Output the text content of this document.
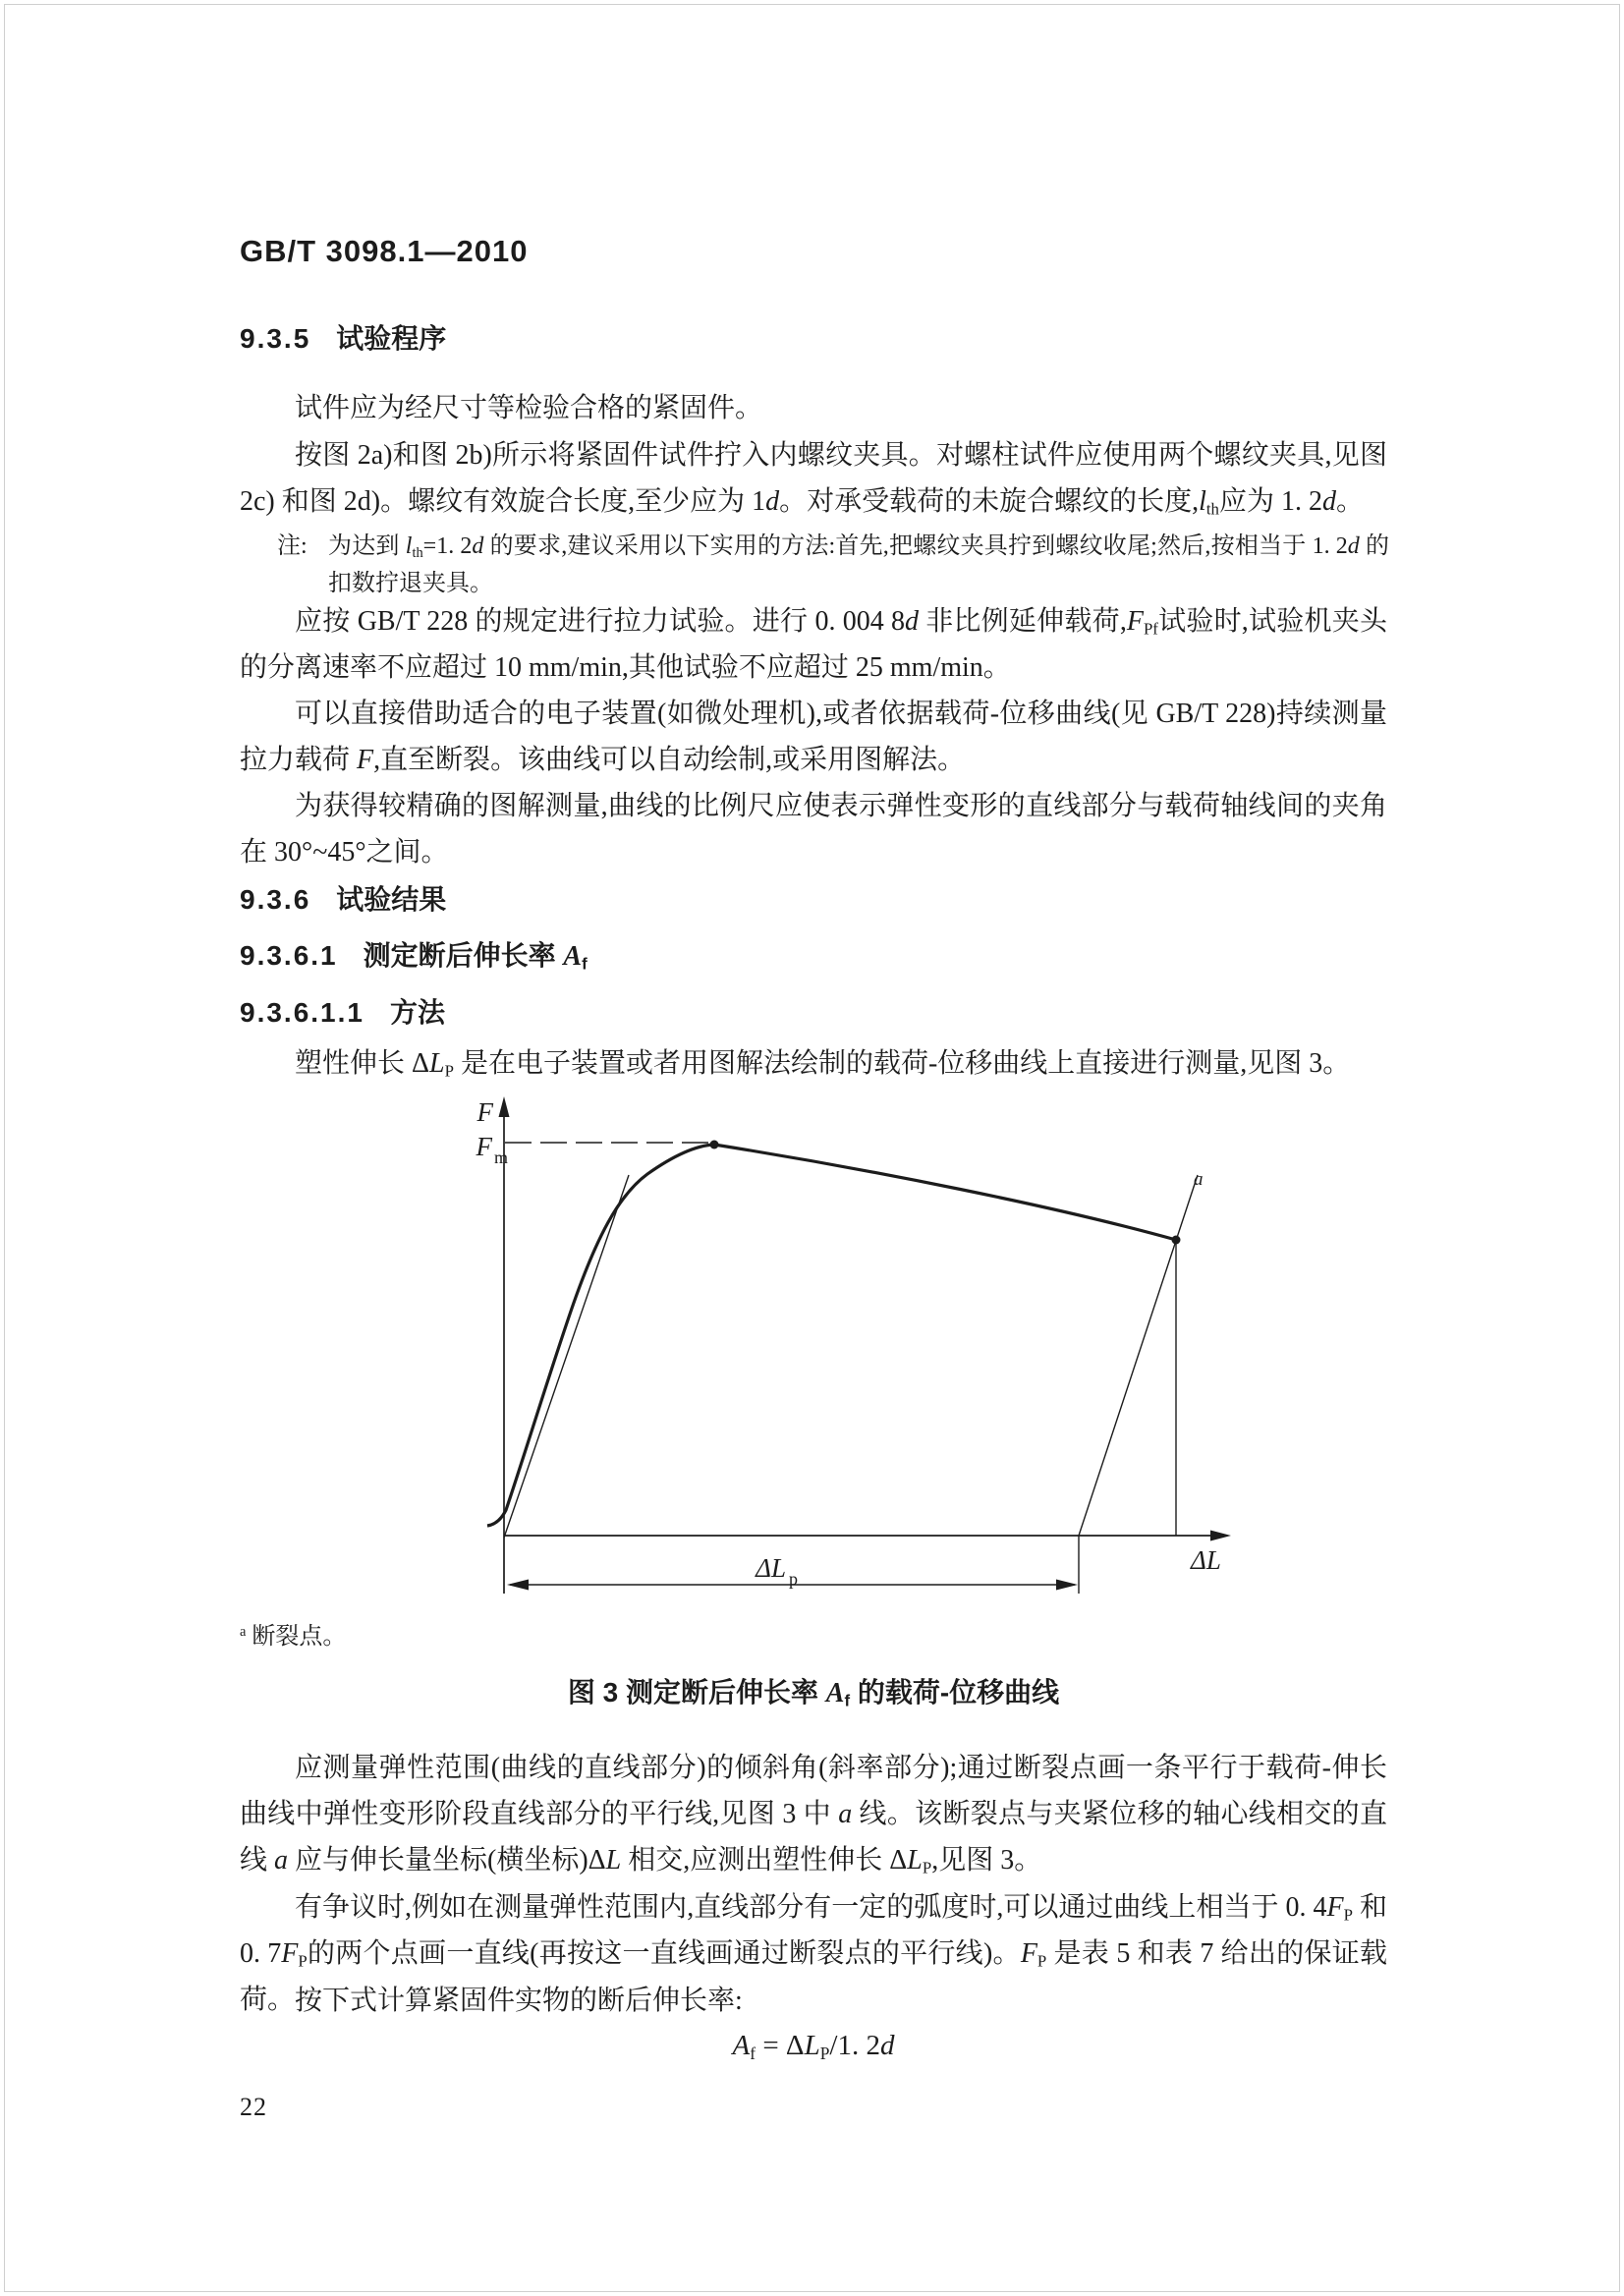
GB/T 3098.1—2010
9.3.5 试验程序
试件应为经尺寸等检验合格的紧固件。
按图 2a)和图 2b)所示将紧固件试件拧入内螺纹夹具。对螺柱试件应使用两个螺纹夹具,见图 2c) 和图 2d)。螺纹有效旋合长度,至少应为 1d。对承受载荷的未旋合螺纹的长度$,l_{th}$应为 1. 2d。
注: 为达到 $l_{th}=1$. 2d 的要求,建议采用以下实用的方法:首先,把螺纹夹具拧到螺纹收尾;然后,按相当于 1. 2d 的扣数拧退夹具。
应按 GB/T 228 的规定进行拉力试验。进行 0. 004 8d 非比例延伸载荷$,F_{Pf}$试验时,试验机夹头的分离速率不应超过 10 mm/min,其他试验不应超过 25 mm/min。
可以直接借助适合的电子装置(如微处理机),或者依据载荷-位移曲线(见 GB/T 228)持续测量拉力载荷 F,直至断裂。该曲线可以自动绘制,或采用图解法。
为获得较精确的图解测量,曲线的比例尺应使表示弹性变形的直线部分与载荷轴线间的夹角在 30°~45°之间。
9.3.6 试验结果
9.3.6.1 测定断后伸长率 $A_f$
9.3.6.1.1 方法
塑性伸长 $\Delta L_P$ 是在电子装置或者用图解法绘制的载荷-位移曲线上直接进行测量,见图 3。
F
F m
ΔL
ΔL p
a
$^a$ 断裂点。
图 3 测定断后伸长率 $A_f$ 的载荷-位移曲线
应测量弹性范围(曲线的直线部分)的倾斜角(斜率部分);通过断裂点画一条平行于载荷-伸长曲线中弹性变形阶段直线部分的平行线,见图 3 中 a 线。该断裂点与夹紧位移的轴心线相交的直线 a 应与伸长量坐标(横坐标)ΔL 相交,应测出塑性伸长 $\Delta L_P$,见图 3。
有争议时,例如在测量弹性范围内,直线部分有一定的弧度时,可以通过曲线上相当于 0. $4F_P$ 和 0. $7F_P$的两个点画一直线(再按这一直线画通过断裂点的平行线)。$F_P$ 是表 5 和表 7 给出的保证载荷。 按下式计算紧固件实物的断后伸长率:
$A_f = \Delta L_P/1$. 2d
22
